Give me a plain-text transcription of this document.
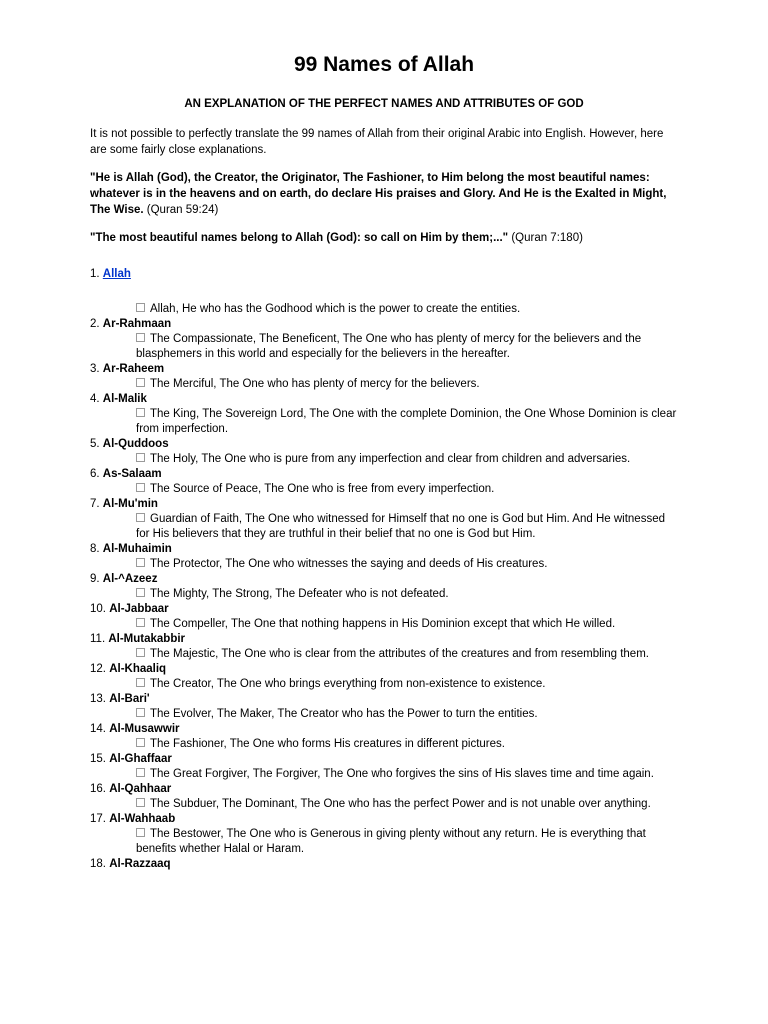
99 Names of Allah

AN EXPLANATION OF THE PERFECT NAMES AND ATTRIBUTES OF GOD

It is not possible to perfectly translate the 99 names of Allah from their original Arabic into English. However, here are some fairly close explanations.

"He is Allah (God), the Creator, the Originator, The Fashioner, to Him belong the most beautiful names: whatever is in the heavens and on earth, do declare His praises and Glory. And He is the Exalted in Might, The Wise. (Quran 59:24)

"The most beautiful names belong to Allah (God): so call on Him by them;..." (Quran 7:180)

1. Allah
Allah, He who has the Godhood which is the power to create the entities.
2. Ar-Rahmaan
The Compassionate, The Beneficent, The One who has plenty of mercy for the believers and the blasphemers in this world and especially for the believers in the hereafter.
3. Ar-Raheem
The Merciful, The One who has plenty of mercy for the believers.
4. Al-Malik
The King, The Sovereign Lord, The One with the complete Dominion, the One Whose Dominion is clear from imperfection.
5. Al-Quddoos
The Holy, The One who is pure from any imperfection and clear from children and adversaries.
6. As-Salaam
The Source of Peace, The One who is free from every imperfection.
7. Al-Mu'min
Guardian of Faith, The One who witnessed for Himself that no one is God but Him. And He witnessed for His believers that they are truthful in their belief that no one is God but Him.
8. Al-Muhaimin
The Protector, The One who witnesses the saying and deeds of His creatures.
9. Al-^Azeez
The Mighty, The Strong, The Defeater who is not defeated.
10. Al-Jabbaar
The Compeller, The One that nothing happens in His Dominion except that which He willed.
11. Al-Mutakabbir
The Majestic, The One who is clear from the attributes of the creatures and from resembling them.
12. Al-Khaaliq
The Creator, The One who brings everything from non-existence to existence.
13. Al-Bari'
The Evolver, The Maker, The Creator who has the Power to turn the entities.
14. Al-Musawwir
The Fashioner, The One who forms His creatures in different pictures.
15. Al-Ghaffaar
The Great Forgiver, The Forgiver, The One who forgives the sins of His slaves time and time again.
16. Al-Qahhaar
The Subduer, The Dominant, The One who has the perfect Power and is not unable over anything.
17. Al-Wahhaab
The Bestower, The One who is Generous in giving plenty without any return. He is everything that benefits whether Halal or Haram.
18. Al-Razzaaq
